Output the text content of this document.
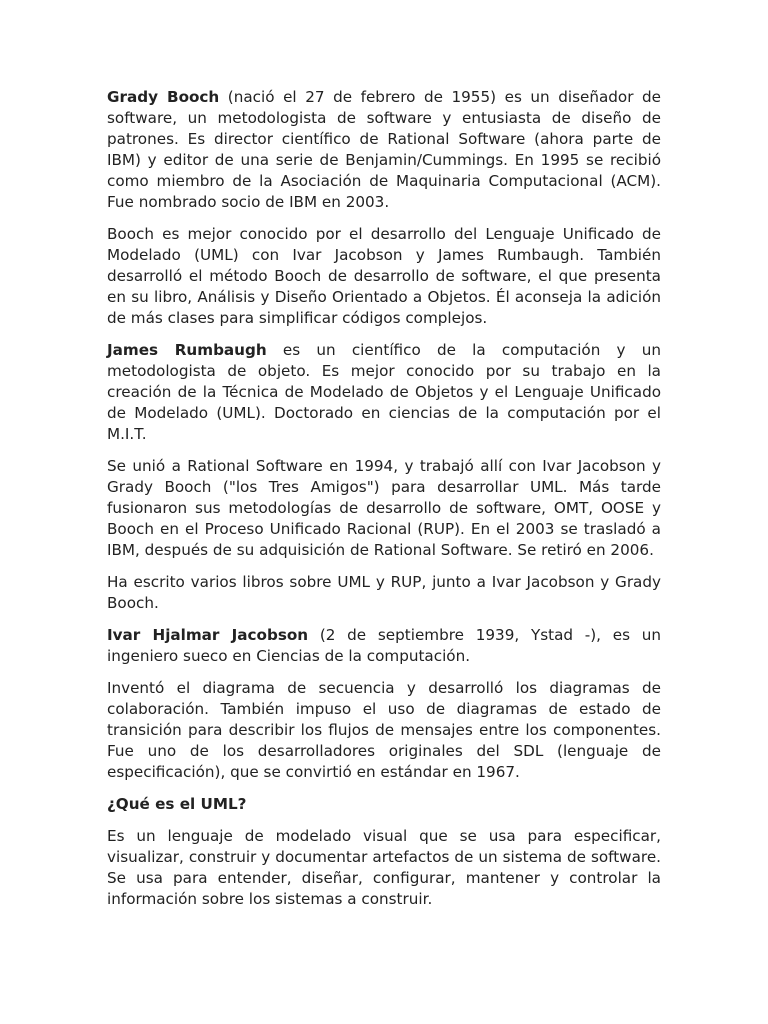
Grady Booch (nació el 27 de febrero de 1955) es un diseñador de software, un metodologista de software y entusiasta de diseño de patrones. Es director científico de Rational Software (ahora parte de IBM) y editor de una serie de Benjamin/Cummings. En 1995 se recibió como miembro de la Asociación de Maquinaria Computacional (ACM). Fue nombrado socio de IBM en 2003.

Booch es mejor conocido por el desarrollo del Lenguaje Unificado de Modelado (UML) con Ivar Jacobson y James Rumbaugh. También desarrolló el método Booch de desarrollo de software, el que presenta en su libro, Análisis y Diseño Orientado a Objetos. Él aconseja la adición de más clases para simplificar códigos complejos.

James Rumbaugh es un científico de la computación y un metodologista de objeto. Es mejor conocido por su trabajo en la creación de la Técnica de Modelado de Objetos y el Lenguaje Unificado de Modelado (UML). Doctorado en ciencias de la computación por el M.I.T.

Se unió a Rational Software en 1994, y trabajó allí con Ivar Jacobson y Grady Booch ("los Tres Amigos") para desarrollar UML. Más tarde fusionaron sus metodologías de desarrollo de software, OMT, OOSE y Booch en el Proceso Unificado Racional (RUP). En el 2003 se trasladó a IBM, después de su adquisición de Rational Software. Se retiró en 2006.

Ha escrito varios libros sobre UML y RUP, junto a Ivar Jacobson y Grady Booch.

Ivar Hjalmar Jacobson (2 de septiembre 1939, Ystad -), es un ingeniero sueco en Ciencias de la computación.

Inventó el diagrama de secuencia y desarrolló los diagramas de colaboración. También impuso el uso de diagramas de estado de transición para describir los flujos de mensajes entre los componentes. Fue uno de los desarrolladores originales del SDL (lenguaje de especificación), que se convirtió en estándar en 1967.

¿Qué es el UML?

Es un lenguaje de modelado visual que se usa para especificar, visualizar, construir y documentar artefactos de un sistema de software. Se usa para entender, diseñar, configurar, mantener y controlar la información sobre los sistemas a construir.
